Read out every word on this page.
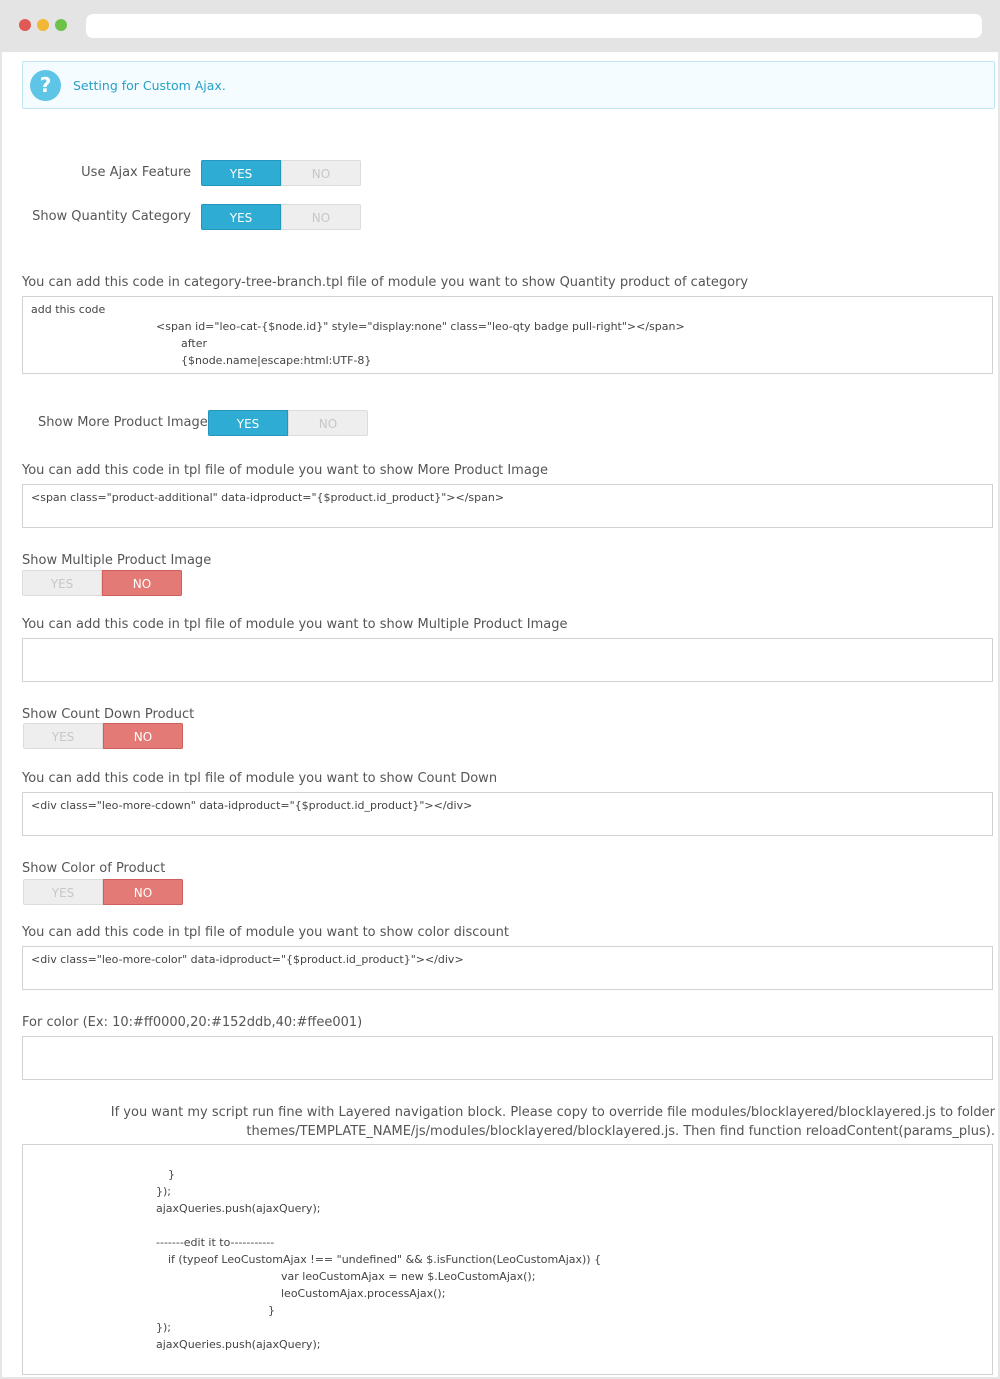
?	Setting for Custom Ajax.
Use Ajax Feature	YES	NO
Show Quantity Category	YES	NO
You can add this code in category-tree-branch.tpl file of module you want to show Quantity product of category
add this code
<span id="leo-cat-{$node.id}" style="display:none" class="leo-qty badge pull-right"></span>
after
{$node.name|escape:html:UTF-8}
Show More Product Image	YES	NO
You can add this code in tpl file of module you want to show More Product Image
<span class="product-additional" data-idproduct="{$product.id_product}"></span>
Show Multiple Product Image
YES	NO
You can add this code in tpl file of module you want to show Multiple Product Image
Show Count Down Product
YES	NO
You can add this code in tpl file of module you want to show Count Down
<div class="leo-more-cdown" data-idproduct="{$product.id_product}"></div>
Show Color of Product
YES	NO
You can add this code in tpl file of module you want to show color discount
<div class="leo-more-color" data-idproduct="{$product.id_product}"></div>
For color (Ex: 10:#ff0000,20:#152ddb,40:#ffee001)
If you want my script run fine with Layered navigation block. Please copy to override file modules/blocklayered/blocklayered.js to folder
themes/TEMPLATE_NAME/js/modules/blocklayered/blocklayered.js. Then find function reloadContent(params_plus).
}
});
ajaxQueries.push(ajaxQuery);
-------edit it to-----------
if (typeof LeoCustomAjax !== "undefined" && $.isFunction(LeoCustomAjax)) {
var leoCustomAjax = new $.LeoCustomAjax();
leoCustomAjax.processAjax();
}
});
ajaxQueries.push(ajaxQuery);
